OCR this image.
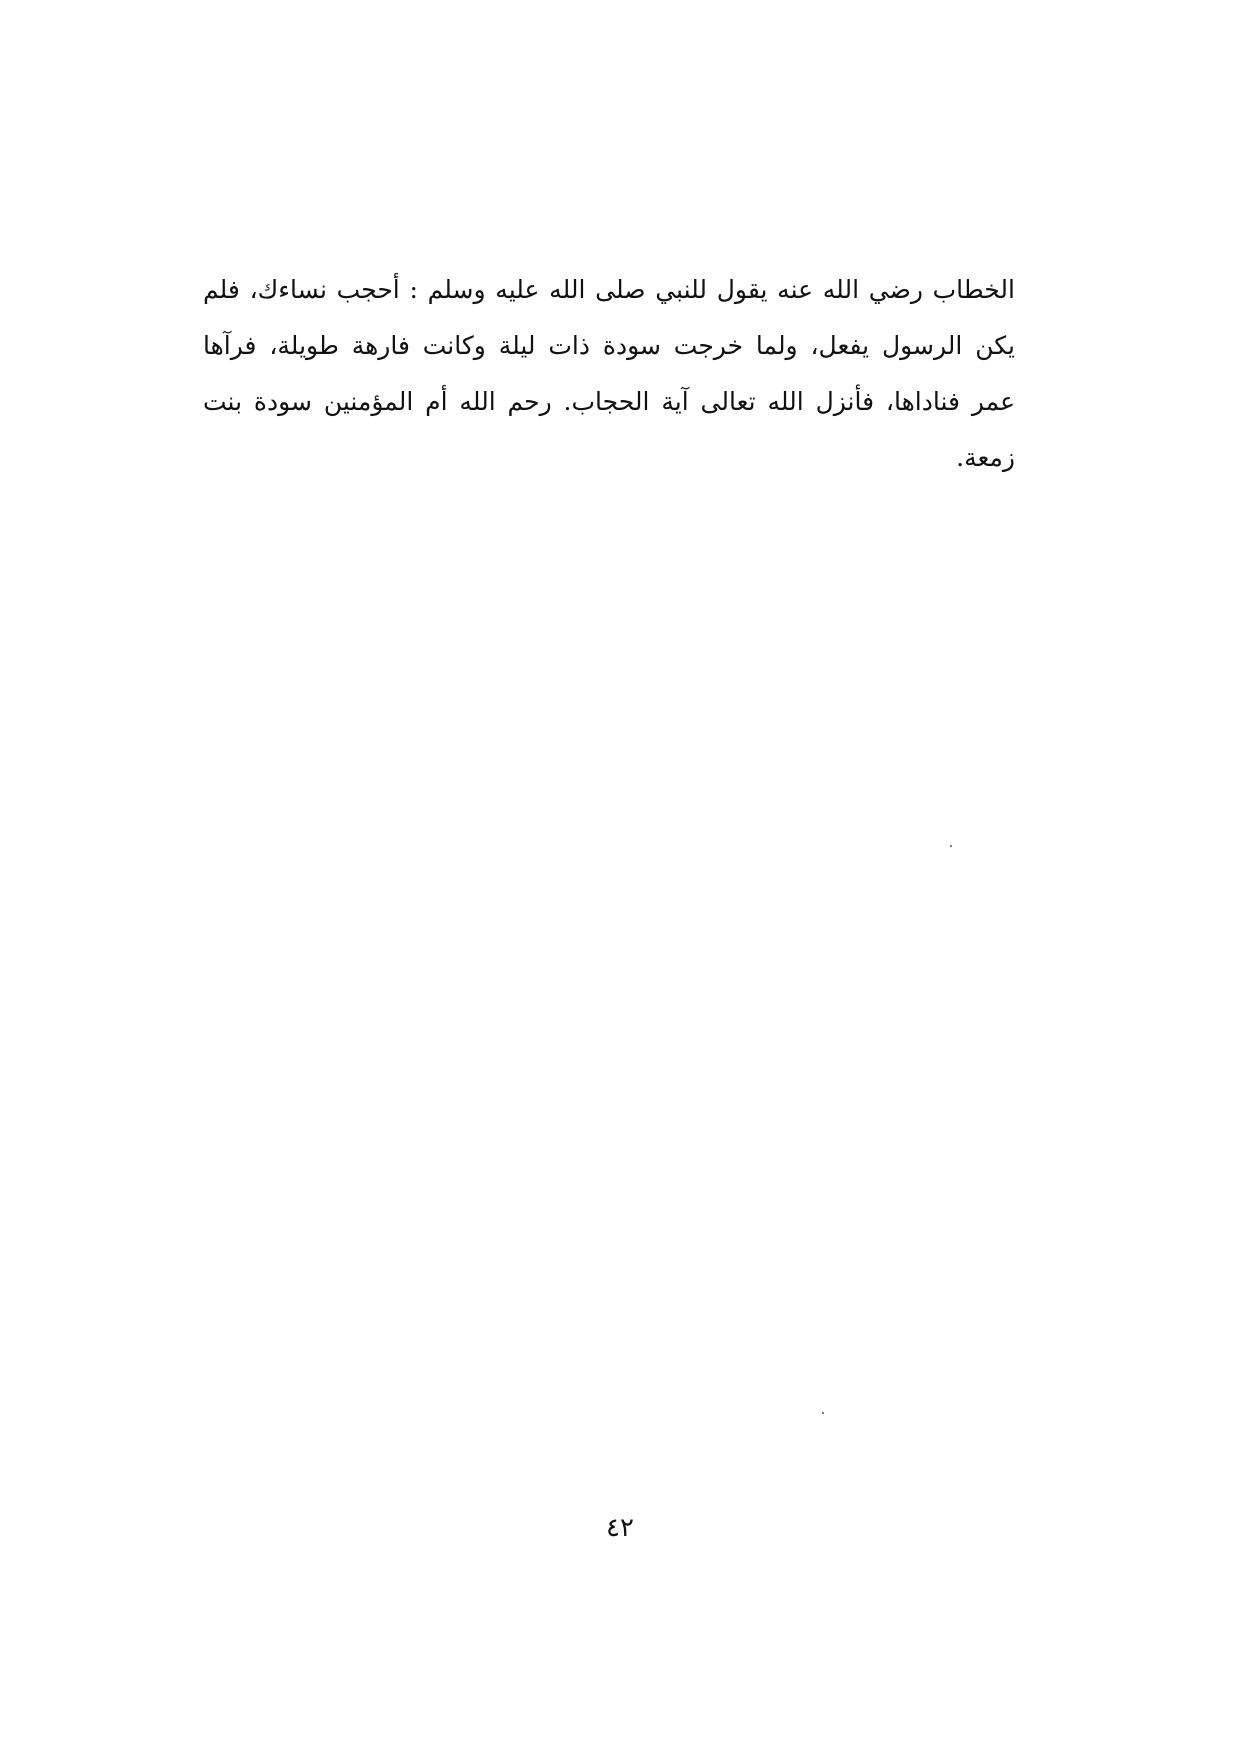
الخطاب رضي الله عنه يقول للنبي صلى الله عليه وسلم : أحجب نساءك، فلم
يكن الرسول يفعل، ولما خرجت سودة ذات ليلة وكانت فارهة طويلة، فرآها
عمر فناداها، فأنزل الله تعالى آية الحجاب. رحم الله أم المؤمنين سودة بنت
زمعة.
٤٢
